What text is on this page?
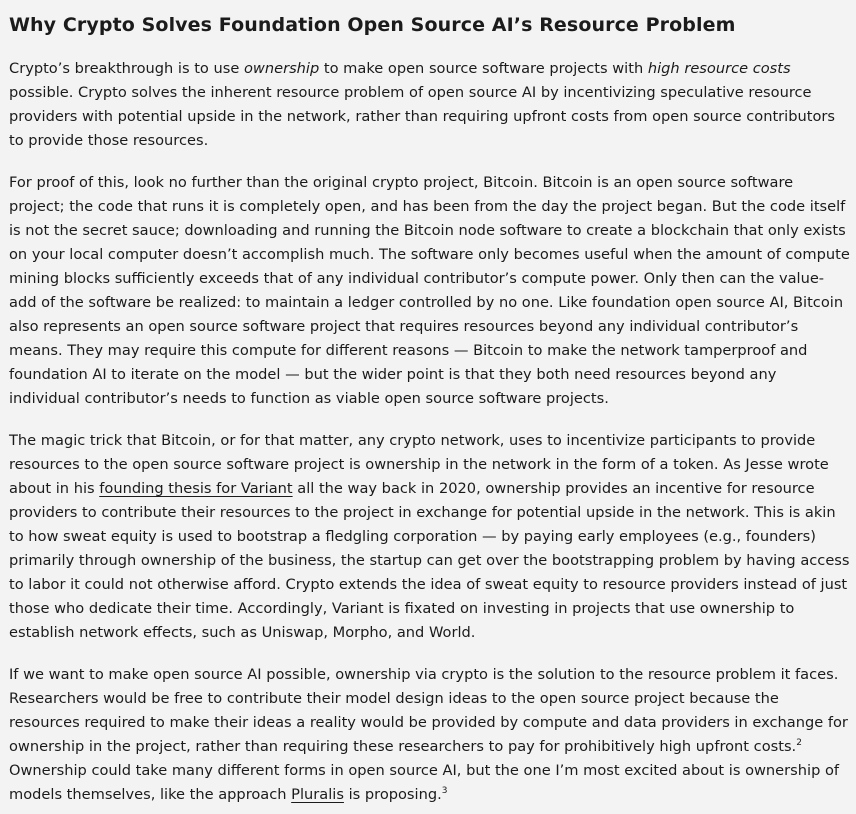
Why Crypto Solves Foundation Open Source AI’s Resource Problem

Crypto’s breakthrough is to use ownership to make open source software projects with high resource costs possible. Crypto solves the inherent resource problem of open source AI by incentivizing speculative resource providers with potential upside in the network, rather than requiring upfront costs from open source contributors to provide those resources.

For proof of this, look no further than the original crypto project, Bitcoin. Bitcoin is an open source software project; the code that runs it is completely open, and has been from the day the project began. But the code itself is not the secret sauce; downloading and running the Bitcoin node software to create a blockchain that only exists on your local computer doesn’t accomplish much. The software only becomes useful when the amount of compute mining blocks sufficiently exceeds that of any individual contributor’s compute power. Only then can the value-add of the software be realized: to maintain a ledger controlled by no one. Like foundation open source AI, Bitcoin also represents an open source software project that requires resources beyond any individual contributor’s means. They may require this compute for different reasons — Bitcoin to make the network tamperproof and foundation AI to iterate on the model — but the wider point is that they both need resources beyond any individual contributor’s needs to function as viable open source software projects.

The magic trick that Bitcoin, or for that matter, any crypto network, uses to incentivize participants to provide resources to the open source software project is ownership in the network in the form of a token. As Jesse wrote about in his founding thesis for Variant all the way back in 2020, ownership provides an incentive for resource providers to contribute their resources to the project in exchange for potential upside in the network. This is akin to how sweat equity is used to bootstrap a fledgling corporation — by paying early employees (e.g., founders) primarily through ownership of the business, the startup can get over the bootstrapping problem by having access to labor it could not otherwise afford. Crypto extends the idea of sweat equity to resource providers instead of just those who dedicate their time. Accordingly, Variant is fixated on investing in projects that use ownership to establish network effects, such as Uniswap, Morpho, and World.

If we want to make open source AI possible, ownership via crypto is the solution to the resource problem it faces. Researchers would be free to contribute their model design ideas to the open source project because the resources required to make their ideas a reality would be provided by compute and data providers in exchange for ownership in the project, rather than requiring these researchers to pay for prohibitively high upfront costs.$^2$ Ownership could take many different forms in open source AI, but the one I’m most excited about is ownership of models themselves, like the approach Pluralis is proposing.$^3$
